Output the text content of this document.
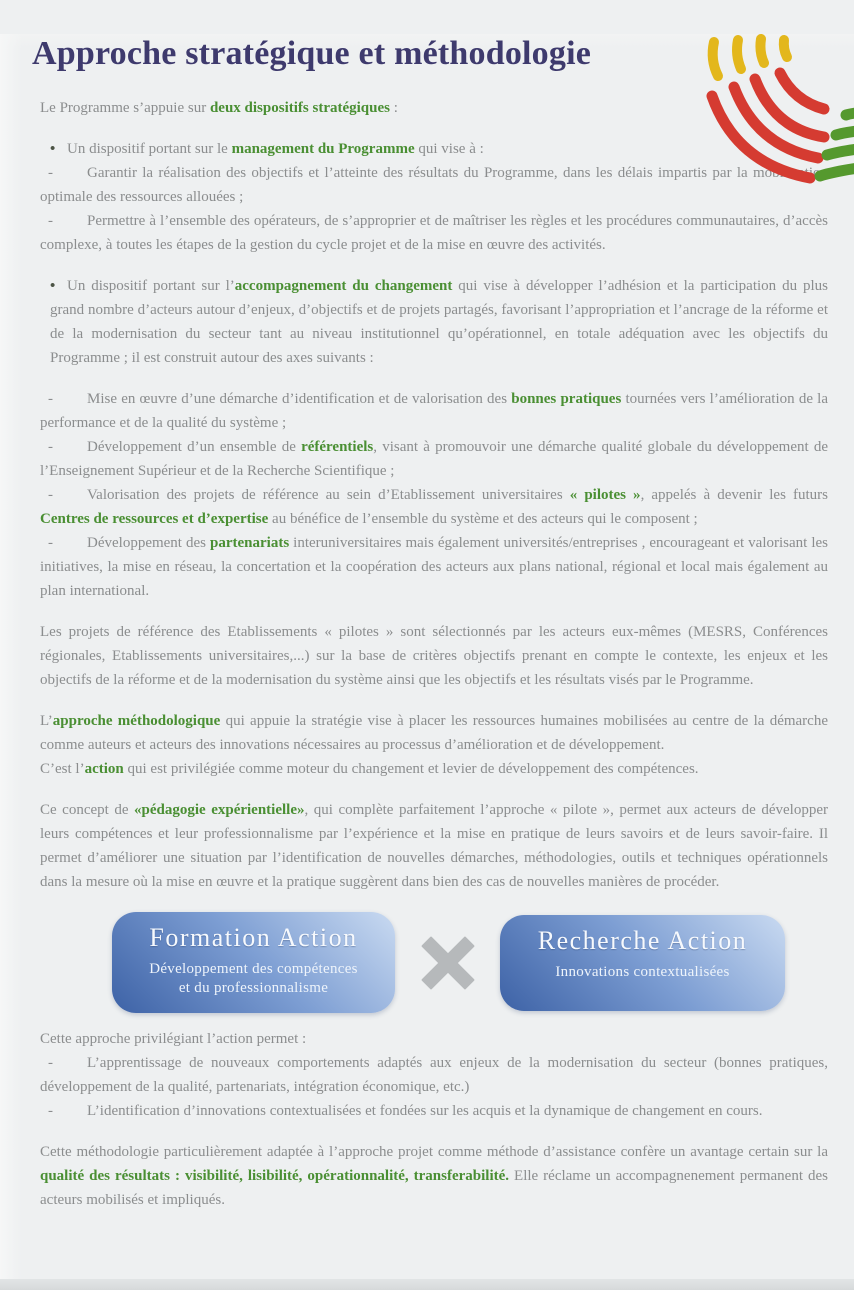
Approche stratégique et méthodologie

Le Programme s’appuie sur deux dispositifs stratégiques :

• Un dispositif portant sur le management du Programme qui vise à :

- Garantir la réalisation des objectifs et l’atteinte des résultats du Programme, dans les délais impartis par la mobilisation optimale des ressources allouées ;

- Permettre à l’ensemble des opérateurs, de s’approprier et de maîtriser les règles et les procédures communautaires, d’accès complexe, à toutes les étapes de la gestion du cycle projet et de la mise en œuvre des activités.

• Un dispositif portant sur l’accompagnement du changement qui vise à développer l’adhésion et la participation du plus grand nombre d’acteurs autour d’enjeux, d’objectifs et de projets partagés, favorisant l’appropriation et l’ancrage de la réforme et de la modernisation du secteur tant au niveau institutionnel qu’opérationnel, en totale adéquation avec les objectifs du Programme ; il est construit autour des axes suivants :

- Mise en œuvre d’une démarche d’identification et de valorisation des bonnes pratiques tournées vers l’amélioration de la performance et de la qualité du système ;

- Développement d’un ensemble de référentiels, visant à promouvoir une démarche qualité globale du développement de l’Enseignement Supérieur et de la Recherche Scientifique ;

- Valorisation des projets de référence au sein d’Etablissement universitaires « pilotes », appelés à devenir les futurs Centres de ressources et d’expertise au bénéfice de l’ensemble du système et des acteurs qui le composent ;

- Développement des partenariats interuniversitaires mais également universités/entreprises , encourageant et valorisant les initiatives, la mise en réseau, la concertation et la coopération des acteurs aux plans national, régional et local mais également au plan international.

Les projets de référence des Etablissements « pilotes » sont sélectionnés par les acteurs eux-mêmes (MESRS, Conférences régionales, Etablissements universitaires,...) sur la base de critères objectifs prenant en compte le contexte, les enjeux et les objectifs de la réforme et de la modernisation du système ainsi que les objectifs et les résultats visés par le Programme.

L’approche méthodologique qui appuie la stratégie vise à placer les ressources humaines mobilisées au centre de la démarche comme auteurs et acteurs des innovations nécessaires au processus d’amélioration et de développement.

C’est l’action qui est privilégiée comme moteur du changement et levier de développement des compétences.

Ce concept de «pédagogie expérientielle», qui complète parfaitement l’approche « pilote », permet aux acteurs de développer leurs compétences et leur professionnalisme par l’expérience et la mise en pratique de leurs savoirs et de leurs savoir-faire. Il permet d’améliorer une situation par l’identification de nouvelles démarches, méthodologies, outils et techniques opérationnels dans la mesure où la mise en œuvre et la pratique suggèrent dans bien des cas de nouvelles manières de procéder.

Formation Action
Développement des compétences
et du professionnalisme
Recherche Action
Innovations contextualisées

Cette approche privilégiant l’action permet :

- L’apprentissage de nouveaux comportements adaptés aux enjeux de la modernisation du secteur (bonnes pratiques, développement de la qualité, partenariats, intégration économique, etc.)

- L’identification d’innovations contextualisées et fondées sur les acquis et la dynamique de changement en cours.

Cette méthodologie particulièrement adaptée à l’approche projet comme méthode d’assistance confère un avantage certain sur la qualité des résultats : visibilité, lisibilité, opérationnalité, transferabilité. Elle réclame un accompagnenement permanent des acteurs mobilisés et impliqués.
